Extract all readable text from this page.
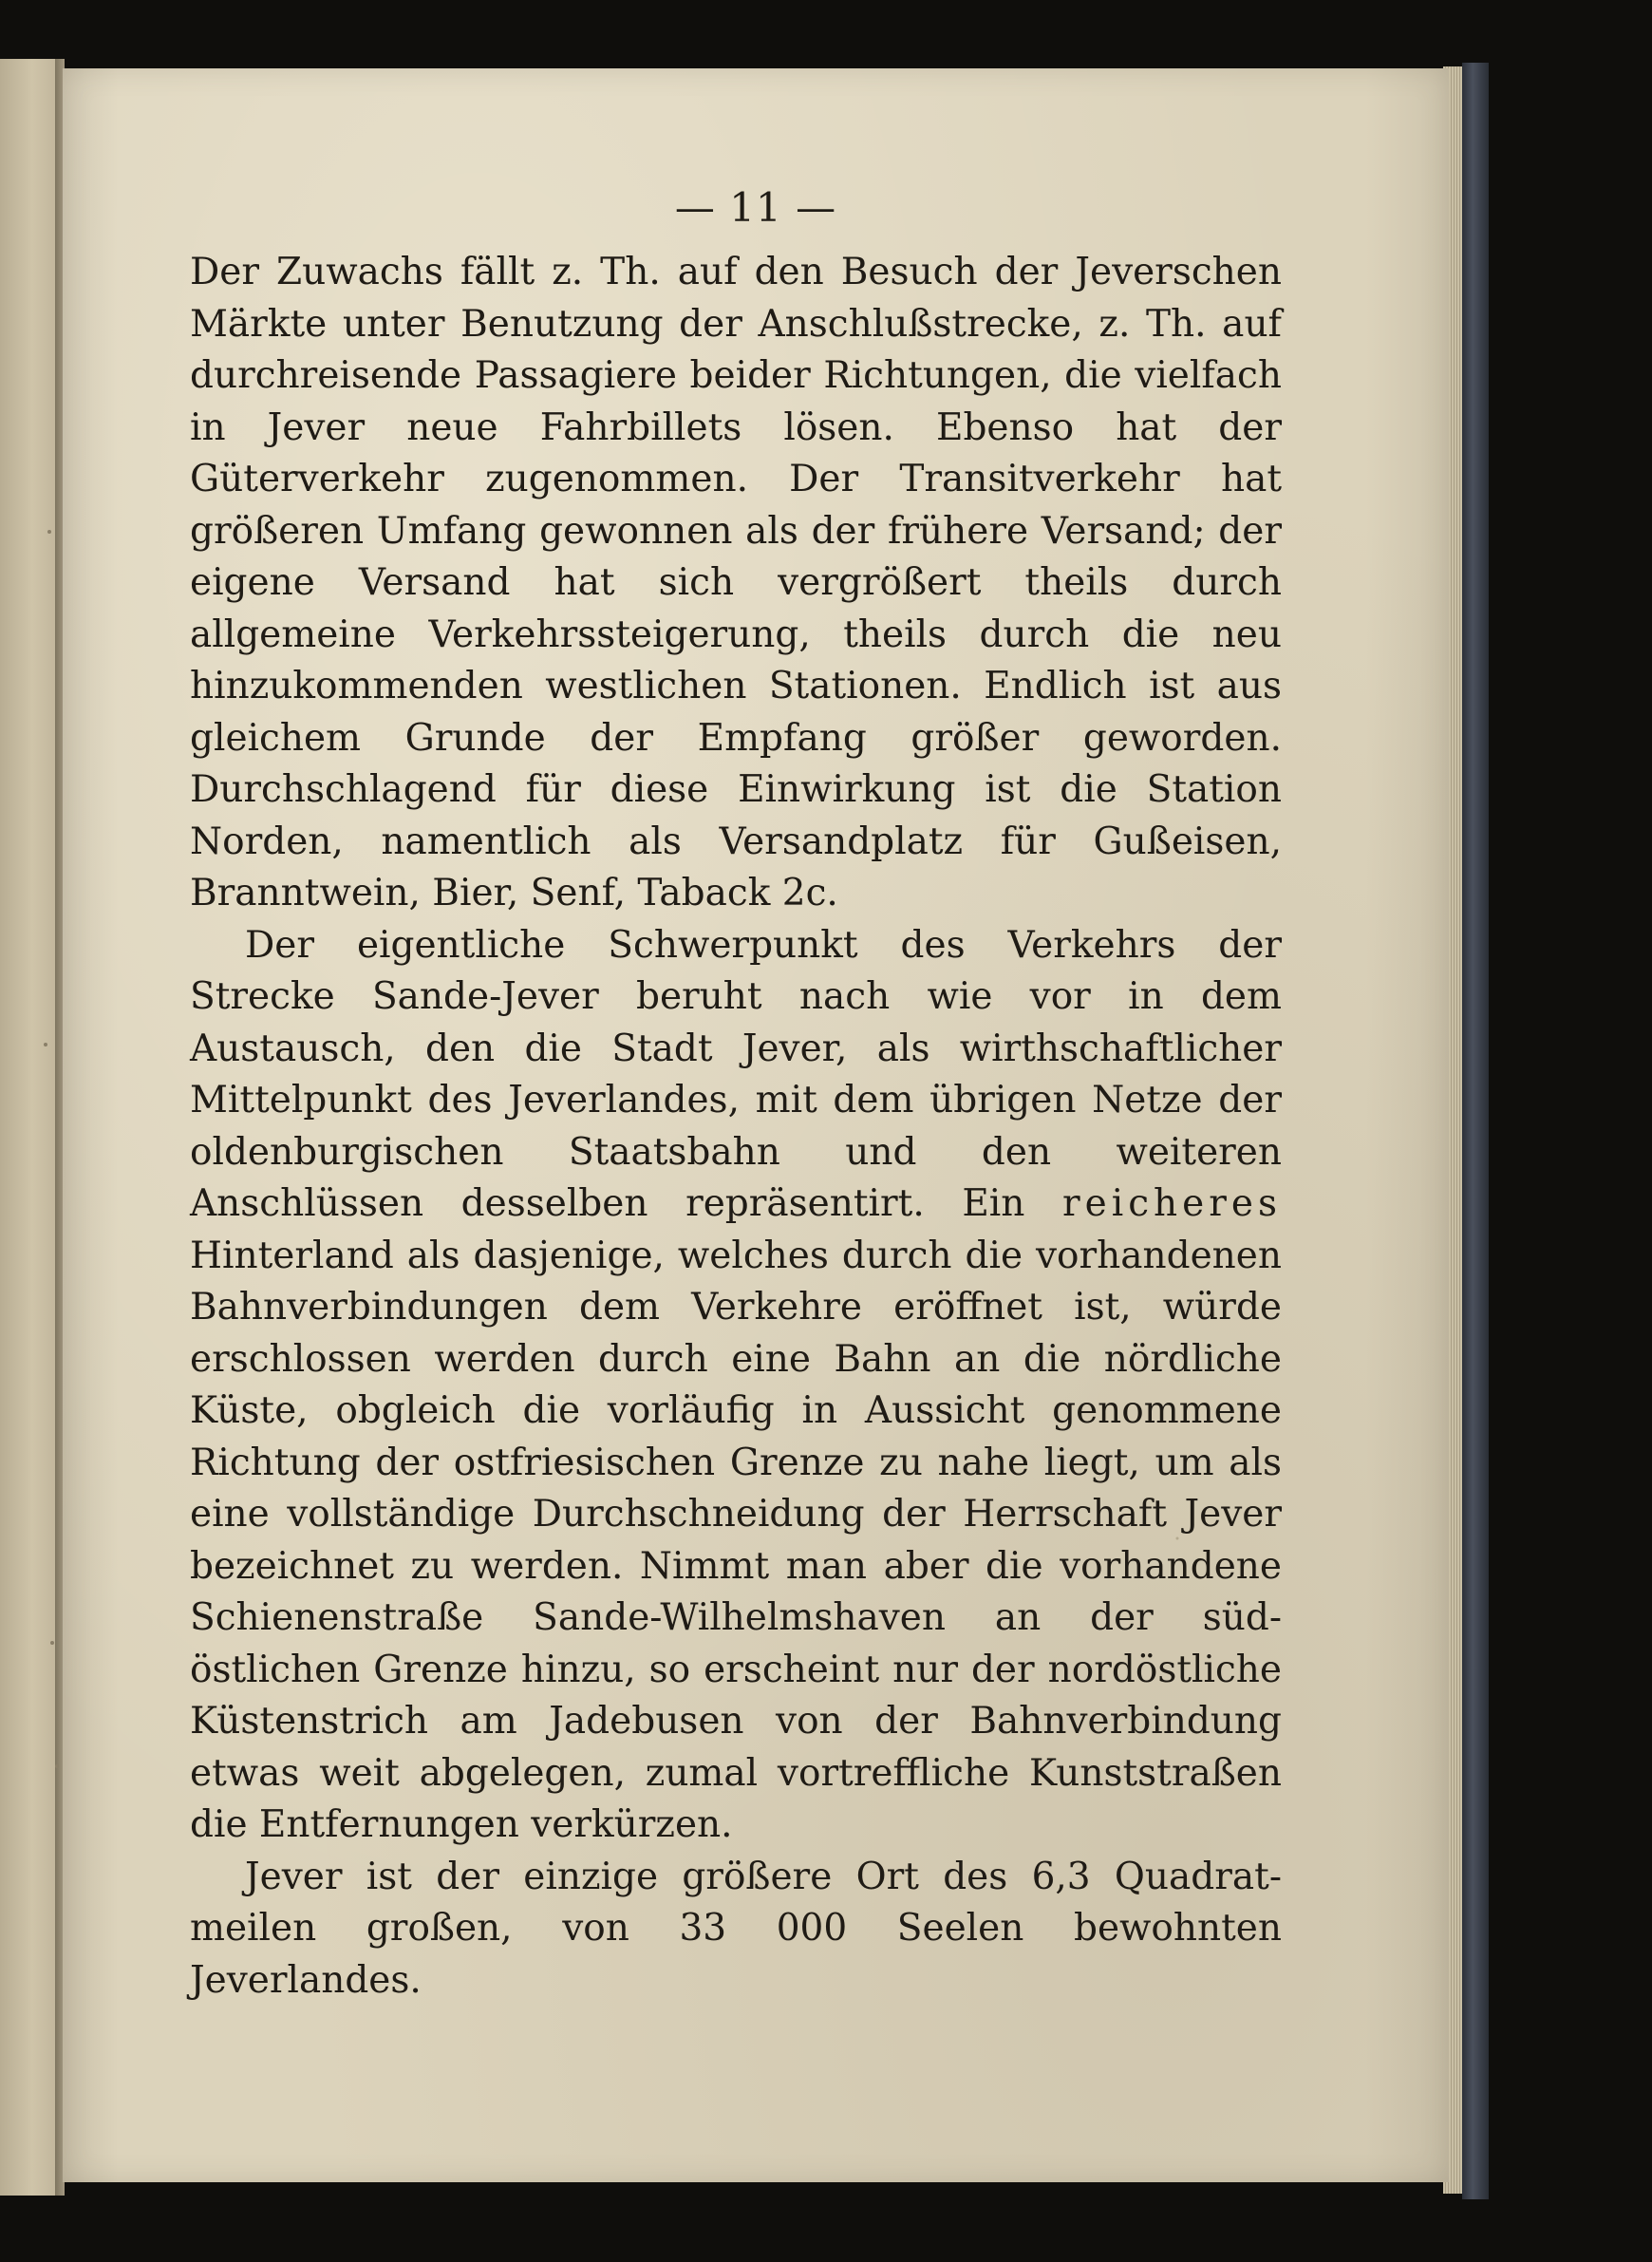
— 11 —

Der Zuwachs fällt z. Th. auf den Besuch der Jeverschen Märkte unter Benutzung der Anschlußstrecke, z. Th. auf durchreisende Passagiere beider Richtungen, die vielfach in Jever neue Fahrbillets lösen. Ebenso hat der Güterverkehr zugenommen. Der Transitverkehr hat größeren Umfang gewonnen als der frühere Versand; der eigene Versand hat sich vergrößert theils durch allgemeine Verkehrssteigerung, theils durch die neu hinzukommenden westlichen Stationen. Endlich ist aus gleichem Grunde der Empfang größer geworden. Durchschlagend für diese Einwirkung ist die Station Norden, namentlich als Versandplatz für Gußeisen, Branntwein, Bier, Senf, Taback 2c.

Der eigentliche Schwerpunkt des Verkehrs der Strecke Sande-Jever beruht nach wie vor in dem Austausch, den die Stadt Jever, als wirthschaftlicher Mittelpunkt des Jeverlandes, mit dem übrigen Netze der oldenburgischen Staatsbahn und den weiteren Anschlüssen desselben repräsentirt. Ein reicheres Hinterland als dasjenige, welches durch die vorhandenen Bahnverbindungen dem Verkehre eröffnet ist, würde erschlossen werden durch eine Bahn an die nördliche Küste, obgleich die vorläufig in Aussicht genommene Richtung der ostfriesischen Grenze zu nahe liegt, um als eine vollständige Durchschneidung der Herrschaft Jever bezeichnet zu werden. Nimmt man aber die vorhandene Schienenstraße Sande-Wilhelmshaven an der südöstlichen Grenze hinzu, so erscheint nur der nordöstliche Küstenstrich am Jadebusen von der Bahnverbindung etwas weit abgelegen, zumal vortreffliche Kunststraßen die Entfernungen verkürzen.

Jever ist der einzige größere Ort des 6,3 Quadratmeilen großen, von 33 000 Seelen bewohnten Jeverlandes.
